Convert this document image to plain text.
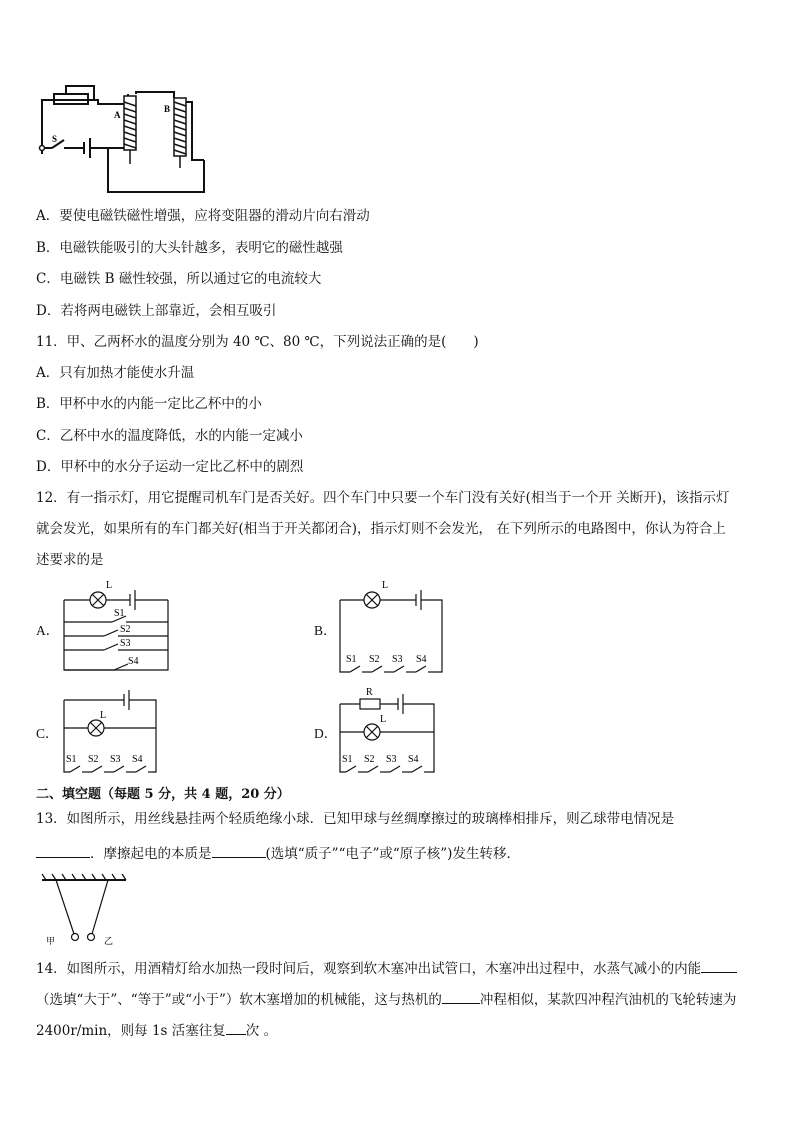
A
B
S
A．要使电磁铁磁性增强，应将变阻器的滑动片向右滑动
B．电磁铁能吸引的大头针越多，表明它的磁性越强
C．电磁铁 B 磁性较强，所以通过它的电流较大
D．若将两电磁铁上部靠近，会相互吸引
11．甲、乙两杯水的温度分别为 40 ℃、80 ℃，下列说法正确的是(　　)
A．只有加热才能使水升温
B．甲杯中水的内能一定比乙杯中的小
C．乙杯中水的温度降低，水的内能一定减小
D．甲杯中的水分子运动一定比乙杯中的剧烈
12．有一指示灯，用它提醒司机车门是否关好。四个车门中只要一个车门没有关好(相当于一个开 关断开)，该指示灯
就会发光，如果所有的车门都关好(相当于开关都闭合)，指示灯则不会发光， 在下列所示的电路图中，你认为符合上
述要求的是
A．
L
S1
S2
S3
S4
B．
L
S1 S2 S3 S4
C．
L
S1 S2 S3 S4
D．
R
L
S1 S2 S3 S4
二、填空题（每题 5 分，共 4 题，20 分）
13．如图所示，用丝线悬挂两个轻质绝缘小球．已知甲球与丝绸摩擦过的玻璃棒相排斥，则乙球带电情况是
．摩擦起电的本质是	(选填“质子”“电子”或“原子核”)发生转移．
甲	乙
14．如图所示，用酒精灯给水加热一段时间后，观察到软木塞冲出试管口，木塞冲出过程中，水蒸气减小的内能
（选填“大于”、“等于”或“小于”）软木塞增加的机械能，这与热机的	冲程相似，某款四冲程汽油机的飞轮转速为
2400r/min，则每 1s 活塞往复 次 。
